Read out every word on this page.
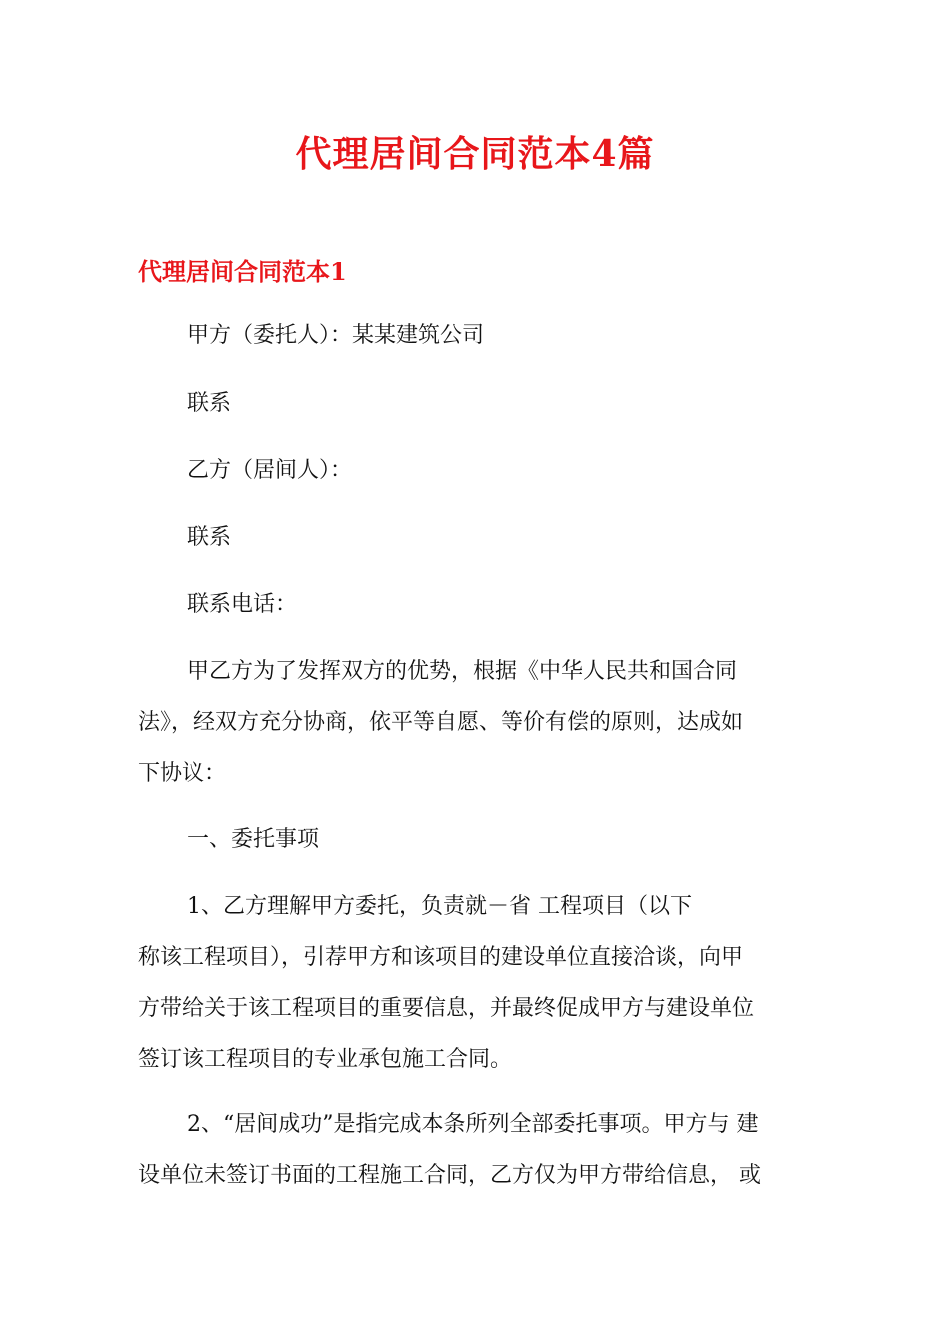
代理居间合同范本4篇
代理居间合同范本1

甲方（委托人）：某某建筑公司

联系

乙方（居间人）：

联系

联系电话：

甲乙方为了发挥双方的优势，根据《中华人民共和国合同
法》，经双方充分协商，依平等自愿、等价有偿的原则，达成如
下协议：

一、委托事项

1、乙方理解甲方委托，负责就－省 工程项目（以下
称该工程项目），引荐甲方和该项目的建设单位直接洽谈，向甲
方带给关于该工程项目的重要信息，并最终促成甲方与建设单位
签订该工程项目的专业承包施工合同。

2、“居间成功”是指完成本条所列全部委托事项。甲方与 建
设单位未签订书面的工程施工合同，乙方仅为甲方带给信息， 或
